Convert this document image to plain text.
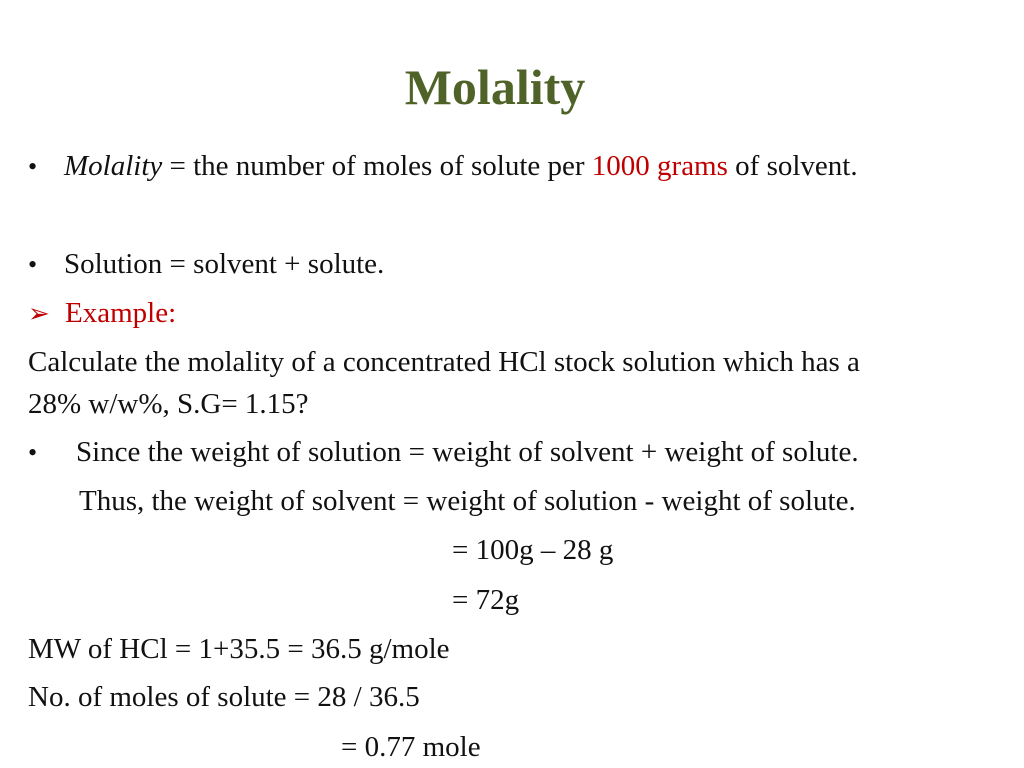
Molality
• Molality = the number of moles of solute per 1000 grams of solvent.
• Solution = solvent + solute.
➢ Example:
Calculate the molality of a concentrated HCl stock solution which has a
28% w/w%, S.G= 1.15?
• Since the weight of solution = weight of solvent + weight of solute.
Thus, the weight of solvent = weight of solution - weight of solute.
= 100g – 28 g
= 72g
MW of HCl = 1+35.5 = 36.5 g/mole
No. of moles of solute = 28 / 36.5
= 0.77 mole
